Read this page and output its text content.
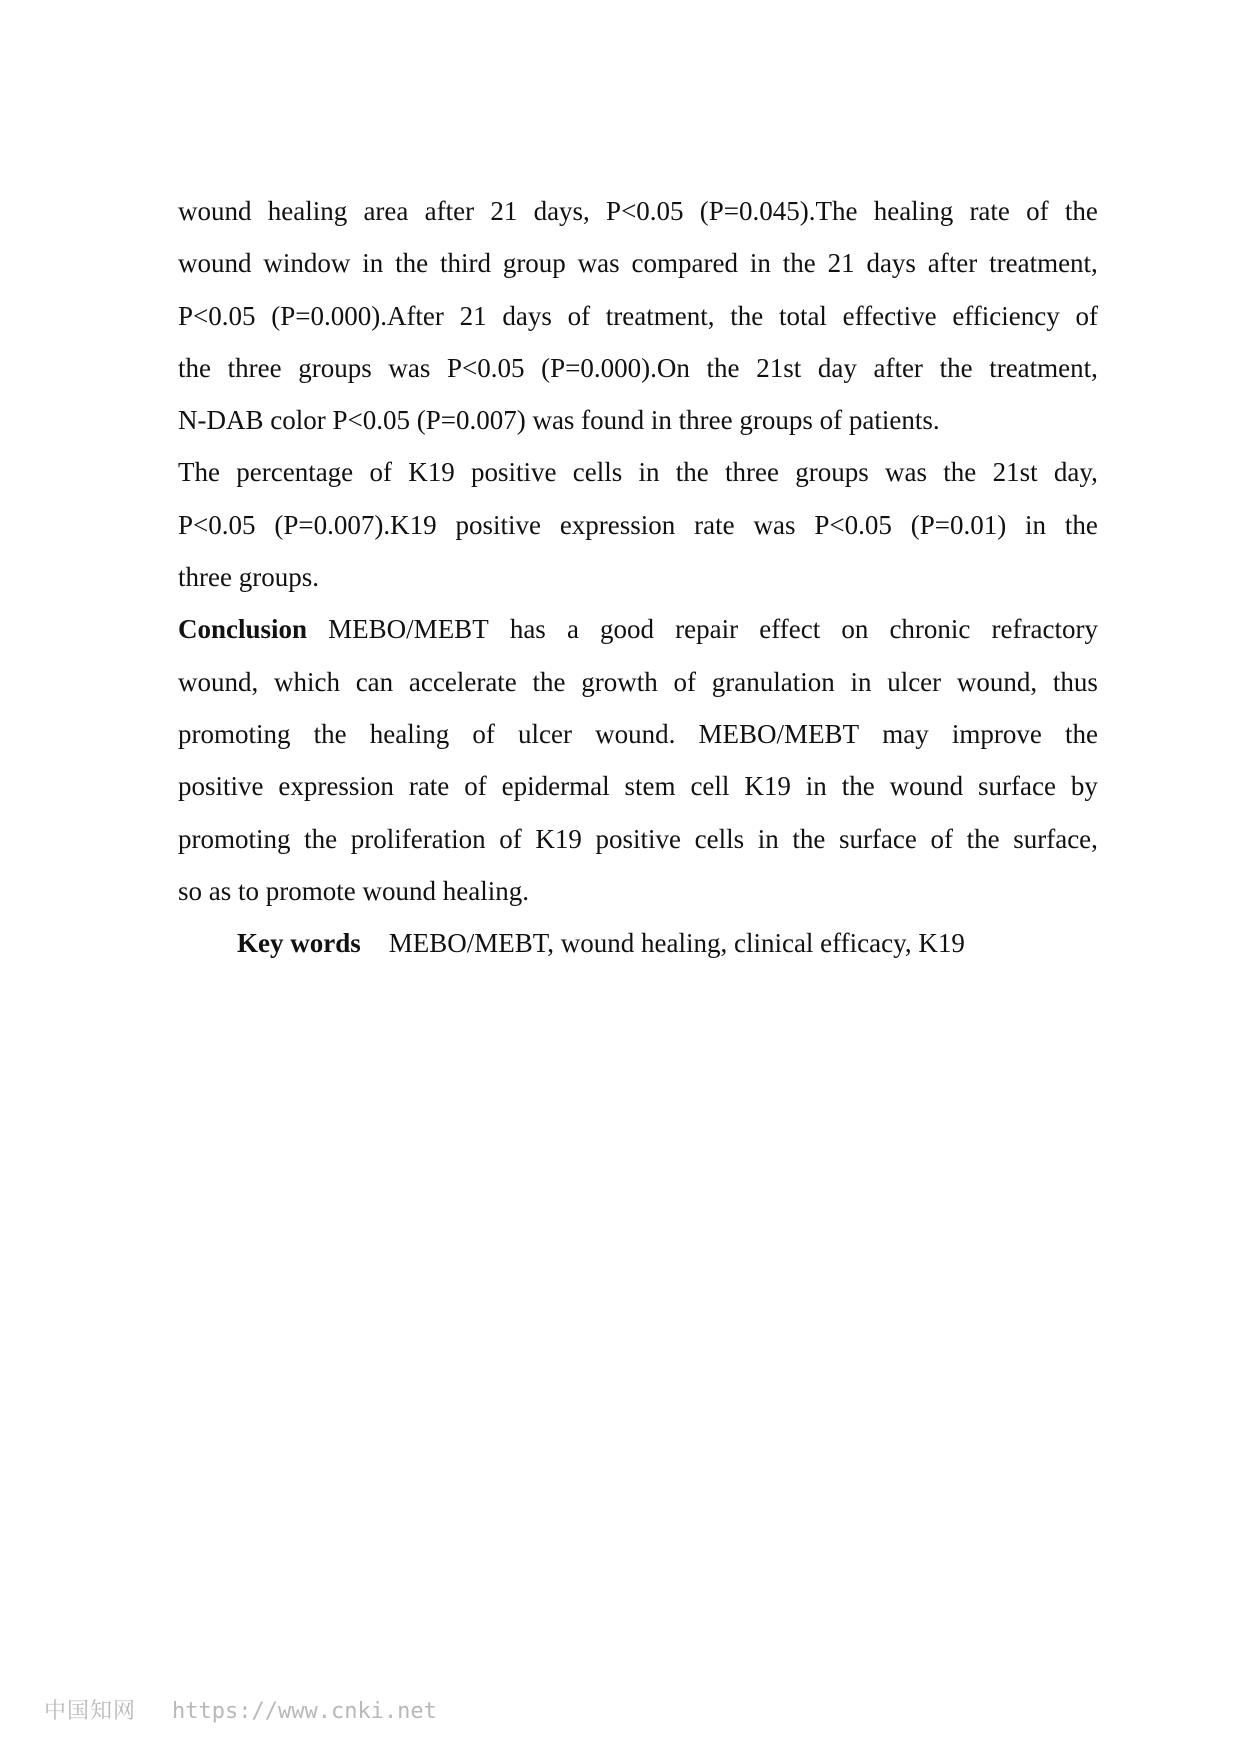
wound healing area after 21 days, P<0.05 (P=0.045).The healing rate of the
wound window in the third group was compared in the 21 days after treatment,
P<0.05 (P=0.000).After 21 days of treatment, the total effective efficiency of
the three groups was P<0.05 (P=0.000).On the 21st day after the treatment,
N-DAB color P<0.05 (P=0.007) was found in three groups of patients.
The percentage of K19 positive cells in the three groups was the 21st day,
P<0.05 (P=0.007).K19 positive expression rate was P<0.05 (P=0.01) in the
three groups.
Conclusion MEBO/MEBT has a good repair effect on chronic refractory
wound, which can accelerate the growth of granulation in ulcer wound, thus
promoting the healing of ulcer wound. MEBO/MEBT may improve the
positive expression rate of epidermal stem cell K19 in the wound surface by
promoting the proliferation of K19 positive cells in the surface of the surface,
so as to promote wound healing.
Key words MEBO/MEBT, wound healing, clinical efficacy, K19
中国知网 https://www.cnki.net
